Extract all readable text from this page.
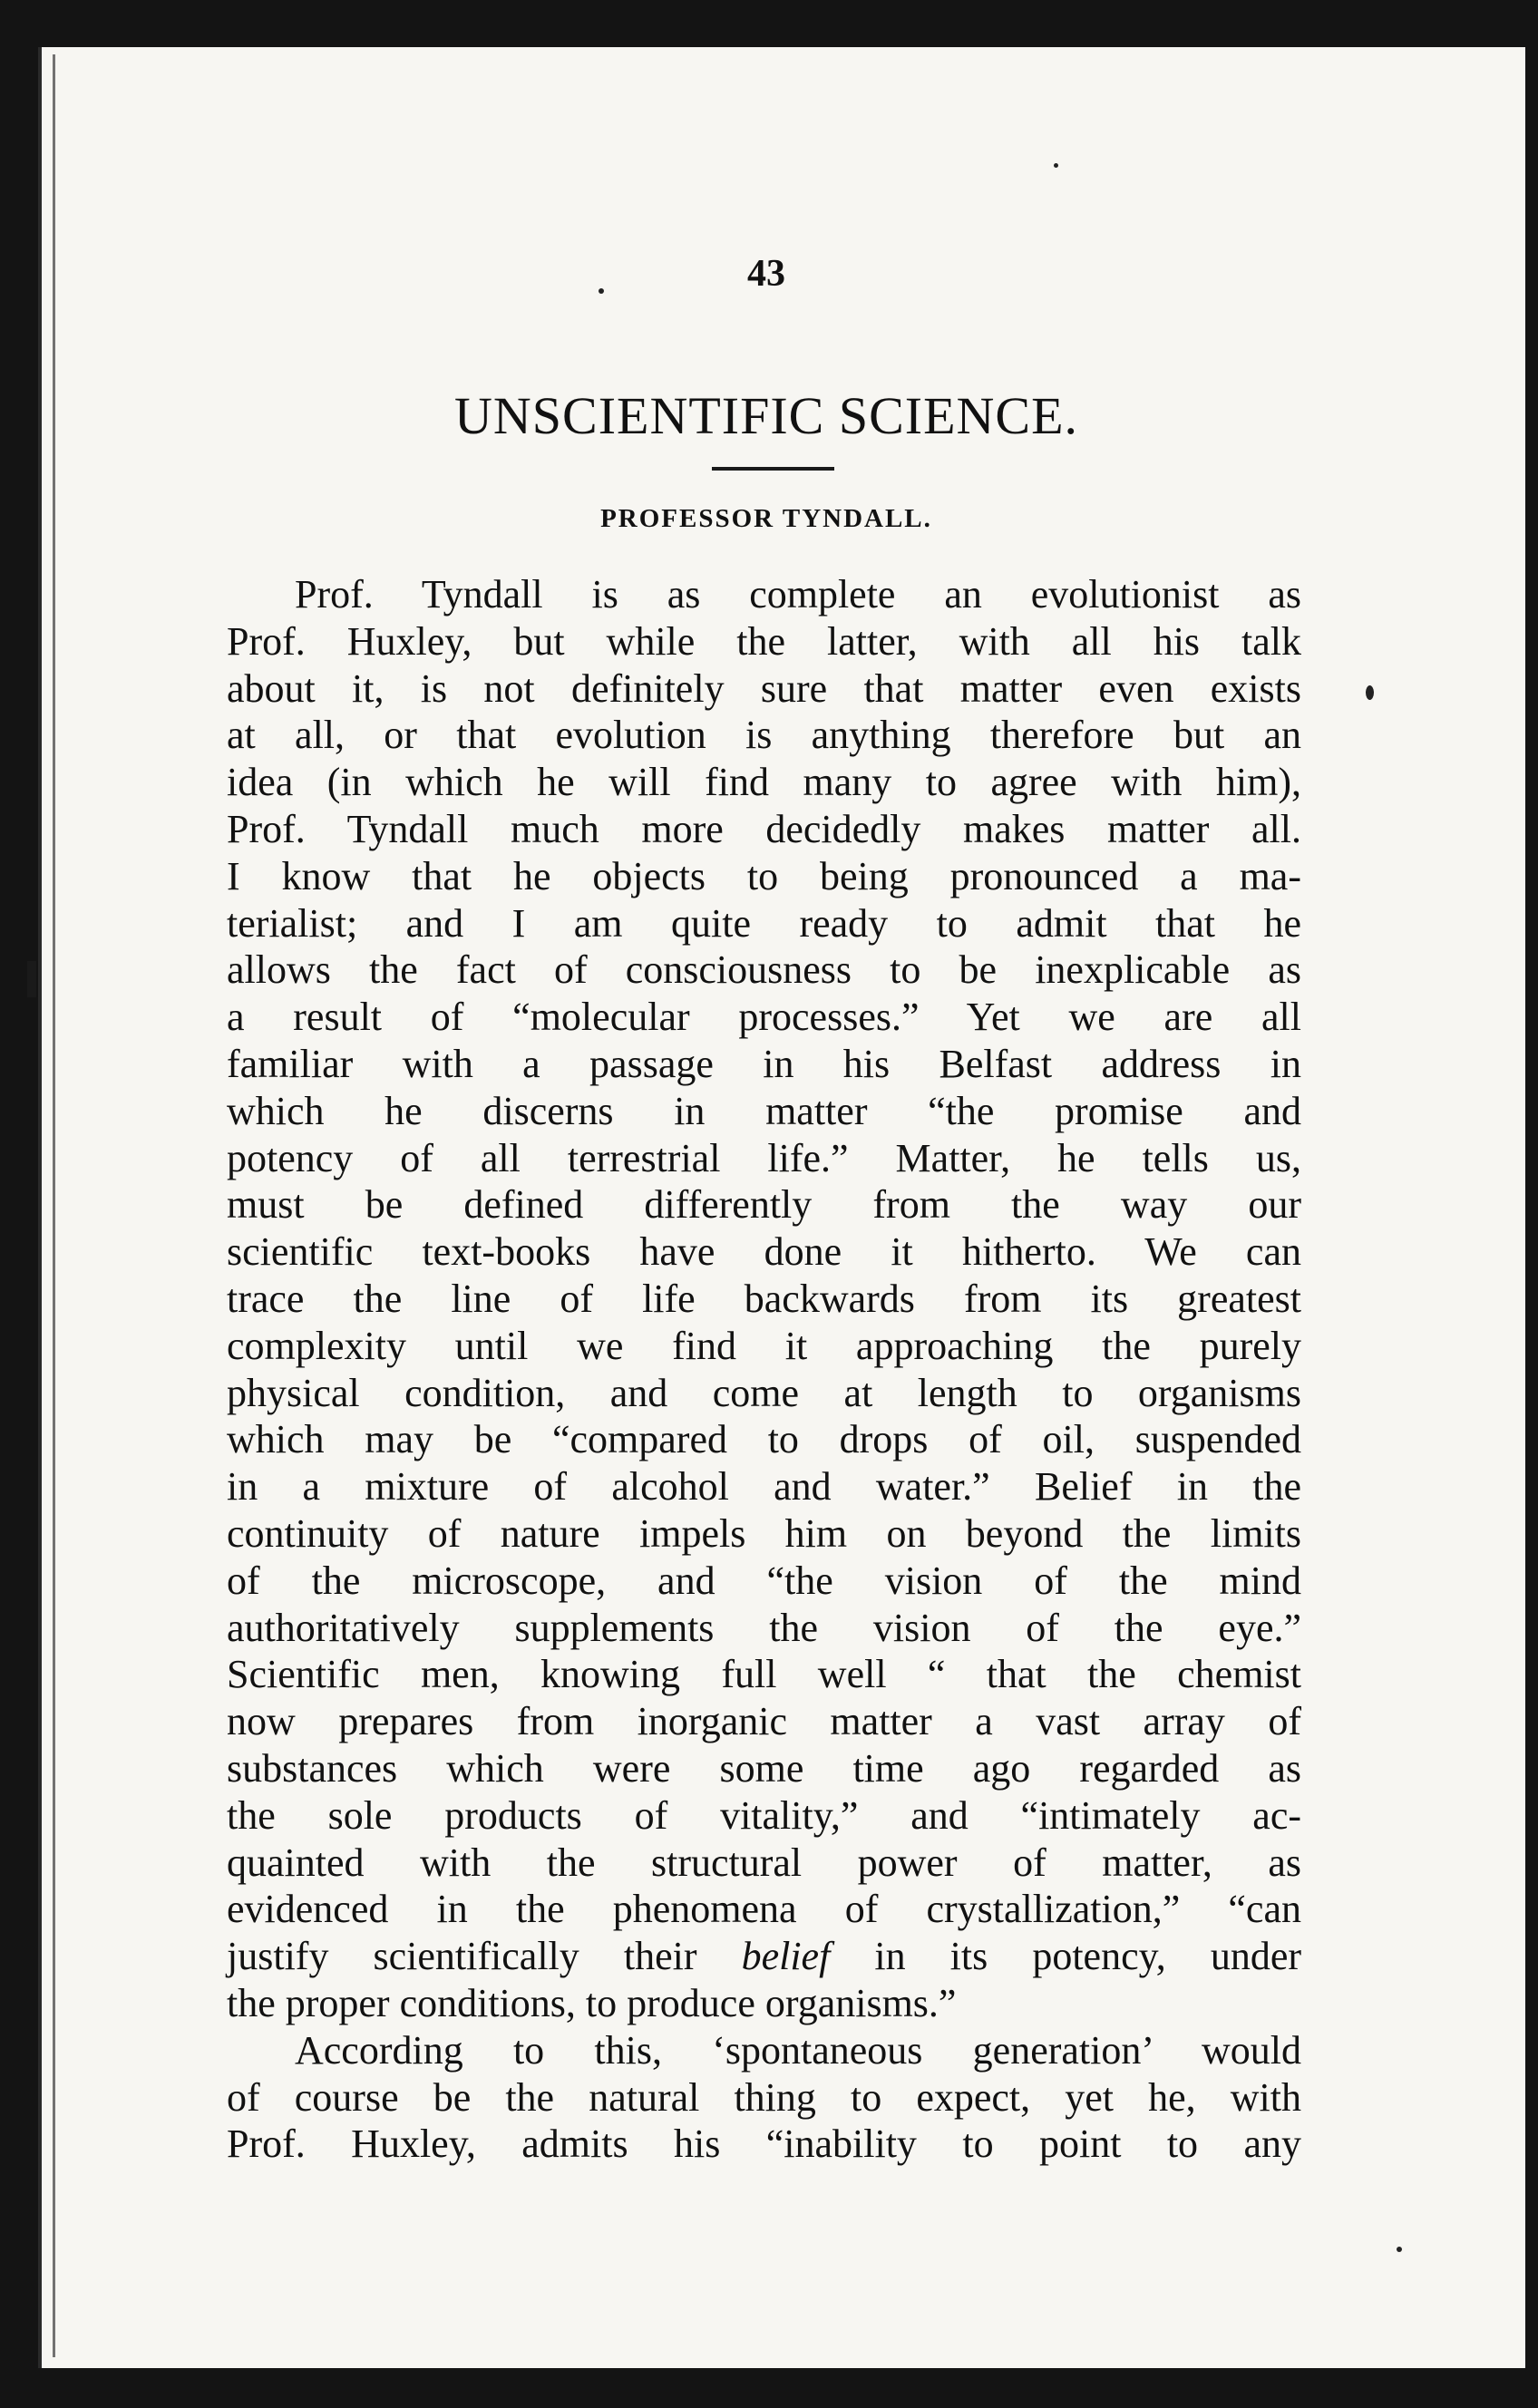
43
UNSCIENTIFIC SCIENCE.
PROFESSOR TYNDALL.
Prof. Tyndall is as complete an evolutionist as
Prof. Huxley, but while the latter, with all his talk
about it, is not definitely sure that matter even exists
at all, or that evolution is anything therefore but an
idea (in which he will find many to agree with him),
Prof. Tyndall much more decidedly makes matter all.
I know that he objects to being pronounced a ma-
terialist; and I am quite ready to admit that he
allows the fact of consciousness to be inexplicable as
a result of “molecular processes.” Yet we are all
familiar with a passage in his Belfast address in
which he discerns in matter “the promise and
potency of all terrestrial life.” Matter, he tells us,
must be defined differently from the way our
scientific text-books have done it hitherto. We can
trace the line of life backwards from its greatest
complexity until we find it approaching the purely
physical condition, and come at length to organisms
which may be “compared to drops of oil, suspended
in a mixture of alcohol and water.” Belief in the
continuity of nature impels him on beyond the limits
of the microscope, and “the vision of the mind
authoritatively supplements the vision of the eye.”
Scientific men, knowing full well “ that the chemist
now prepares from inorganic matter a vast array of
substances which were some time ago regarded as
the sole products of vitality,” and “intimately ac-
quainted with the structural power of matter, as
evidenced in the phenomena of crystallization,” “can
justify scientifically their belief in its potency, under
the proper conditions, to produce organisms.”
According to this, ‘spontaneous generation’ would
of course be the natural thing to expect, yet he, with
Prof. Huxley, admits his “inability to point to any
